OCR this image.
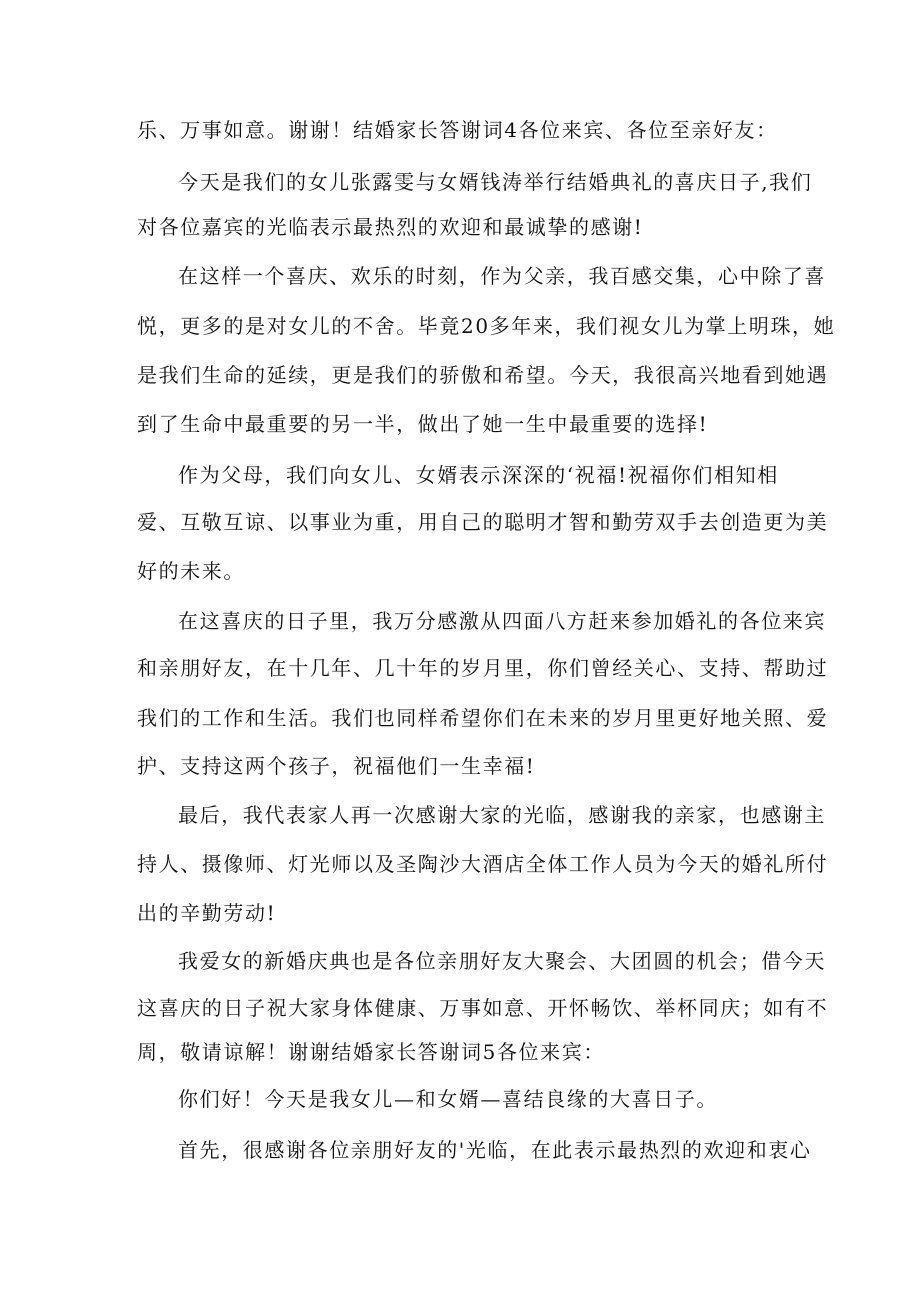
乐、万事如意。谢谢！结婚家长答谢词4各位来宾、各位至亲好友：
今天是我们的女儿张露雯与女婿钱涛举行结婚典礼的喜庆日子,我们
对各位嘉宾的光临表示最热烈的欢迎和最诚挚的感谢!
在这样一个喜庆、欢乐的时刻，作为父亲，我百感交集，心中除了喜
悦，更多的是对女儿的不舍。毕竟20多年来，我们视女儿为掌上明珠，她
是我们生命的延续，更是我们的骄傲和希望。今天，我很高兴地看到她遇
到了生命中最重要的另一半，做出了她一生中最重要的选择!
作为父母，我们向女儿、女婿表示深深的‘祝福!祝福你们相知相
爱、互敬互谅、以事业为重，用自己的聪明才智和勤劳双手去创造更为美
好的未来。
在这喜庆的日子里，我万分感激从四面八方赶来参加婚礼的各位来宾
和亲朋好友，在十几年、几十年的岁月里，你们曾经关心、支持、帮助过
我们的工作和生活。我们也同样希望你们在未来的岁月里更好地关照、爱
护、支持这两个孩子，祝福他们一生幸福!
最后，我代表家人再一次感谢大家的光临，感谢我的亲家，也感谢主
持人、摄像师、灯光师以及圣陶沙大酒店全体工作人员为今天的婚礼所付
出的辛勤劳动!
我爱女的新婚庆典也是各位亲朋好友大聚会、大团圆的机会；借今天
这喜庆的日子祝大家身体健康、万事如意、开怀畅饮、举杯同庆；如有不
周，敬请谅解！谢谢结婚家长答谢词5各位来宾：
你们好！今天是我女儿—和女婿—喜结良缘的大喜日子。
首先，很感谢各位亲朋好友的'光临，在此表示最热烈的欢迎和衷心
